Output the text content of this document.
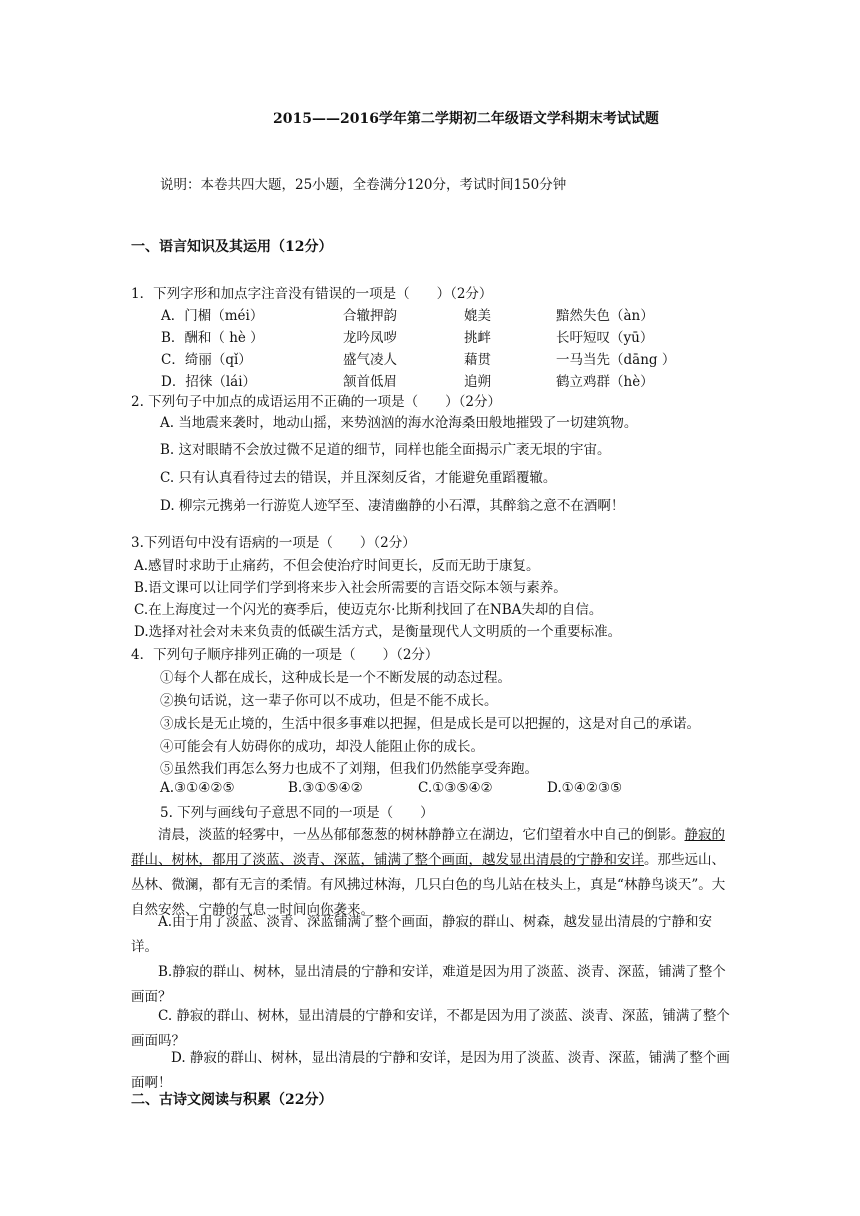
2015——2016学年第二学期初二年级语文学科期末考试试题
说明：本卷共四大题，25小题，全卷满分120分，考试时间150分钟
一、语言知识及其运用（12分）
1．下列字形和加点字注音没有错误的一项是（　　）（2分）
A．门楣（méi）	合辙押韵	媲美	黯然失色（àn）
B．酬和（ hè ）	龙吟凤哕	挑衅	长吁短叹（yū）
C．绮丽（qǐ）	盛气凌人	藉贯	一马当先（dāng ）
D．招徕（lái）	颔首低眉	追朔	鹤立鸡群（hè）
2. 下列句子中加点的成语运用不正确的一项是（　　）（2分）
A. 当地震来袭时，地动山摇，来势汹汹的海水沧海桑田般地摧毁了一切建筑物。
B. 这对眼睛不会放过微不足道的细节，同样也能全面揭示广袤无垠的宇宙。
C. 只有认真看待过去的错误，并且深刻反省，才能避免重蹈覆辙。
D. 柳宗元携弟一行游览人迹罕至、凄清幽静的小石潭，其醉翁之意不在酒啊！
3.下列语句中没有语病的一项是（　　）（2分）
A.感冒时求助于止痛药，不但会使治疗时间更长，反而无助于康复。
B.语文课可以让同学们学到将来步入社会所需要的言语交际本领与素养。
C.在上海度过一个闪光的赛季后，使迈克尔·比斯利找回了在NBA失却的自信。
D.选择对社会对未来负责的低碳生活方式，是衡量现代人文明质的一个重要标准。
4．下列句子顺序排列正确的一项是（　　）（2分）
①每个人都在成长，这种成长是一个不断发展的动态过程。
②换句话说，这一辈子你可以不成功，但是不能不成长。
③成长是无止境的，生活中很多事难以把握，但是成长是可以把握的，这是对自己的承诺。
④可能会有人妨碍你的成功，却没人能阻止你的成长。
⑤虽然我们再怎么努力也成不了刘翔，但我们仍然能享受奔跑。
A.③①④②⑤	B.③①⑤④②	C.①③⑤④②	D.①④②③⑤
5. 下列与画线句子意思不同的一项是（　　）
清晨，淡蓝的轻雾中，一丛丛郁郁葱葱的树林静静立在湖边，它们望着水中自己的倒影。静寂的群山、树林，都用了淡蓝、淡青、深蓝，铺满了整个画面，越发显出清晨的宁静和安详。那些远山、丛林、微澜，都有无言的柔情。有风拂过林海，几只白色的鸟儿站在枝头上，真是“林静鸟谈天”。大自然安然、宁静的气息一时间向你袭来。
A.由于用了淡蓝、淡青、深蓝铺满了整个画面，静寂的群山、树森，越发显出清晨的宁静和安详。
B.静寂的群山、树林，显出清晨的宁静和安详，难道是因为用了淡蓝、淡青、深蓝，铺满了整个画面？
C. 静寂的群山、树林，显出清晨的宁静和安详，不都是因为用了淡蓝、淡青、深蓝，铺满了整个画面吗？
D. 静寂的群山、树林，显出清晨的宁静和安详，是因为用了淡蓝、淡青、深蓝，铺满了整个画面啊！
二、古诗文阅读与积累（22分）
